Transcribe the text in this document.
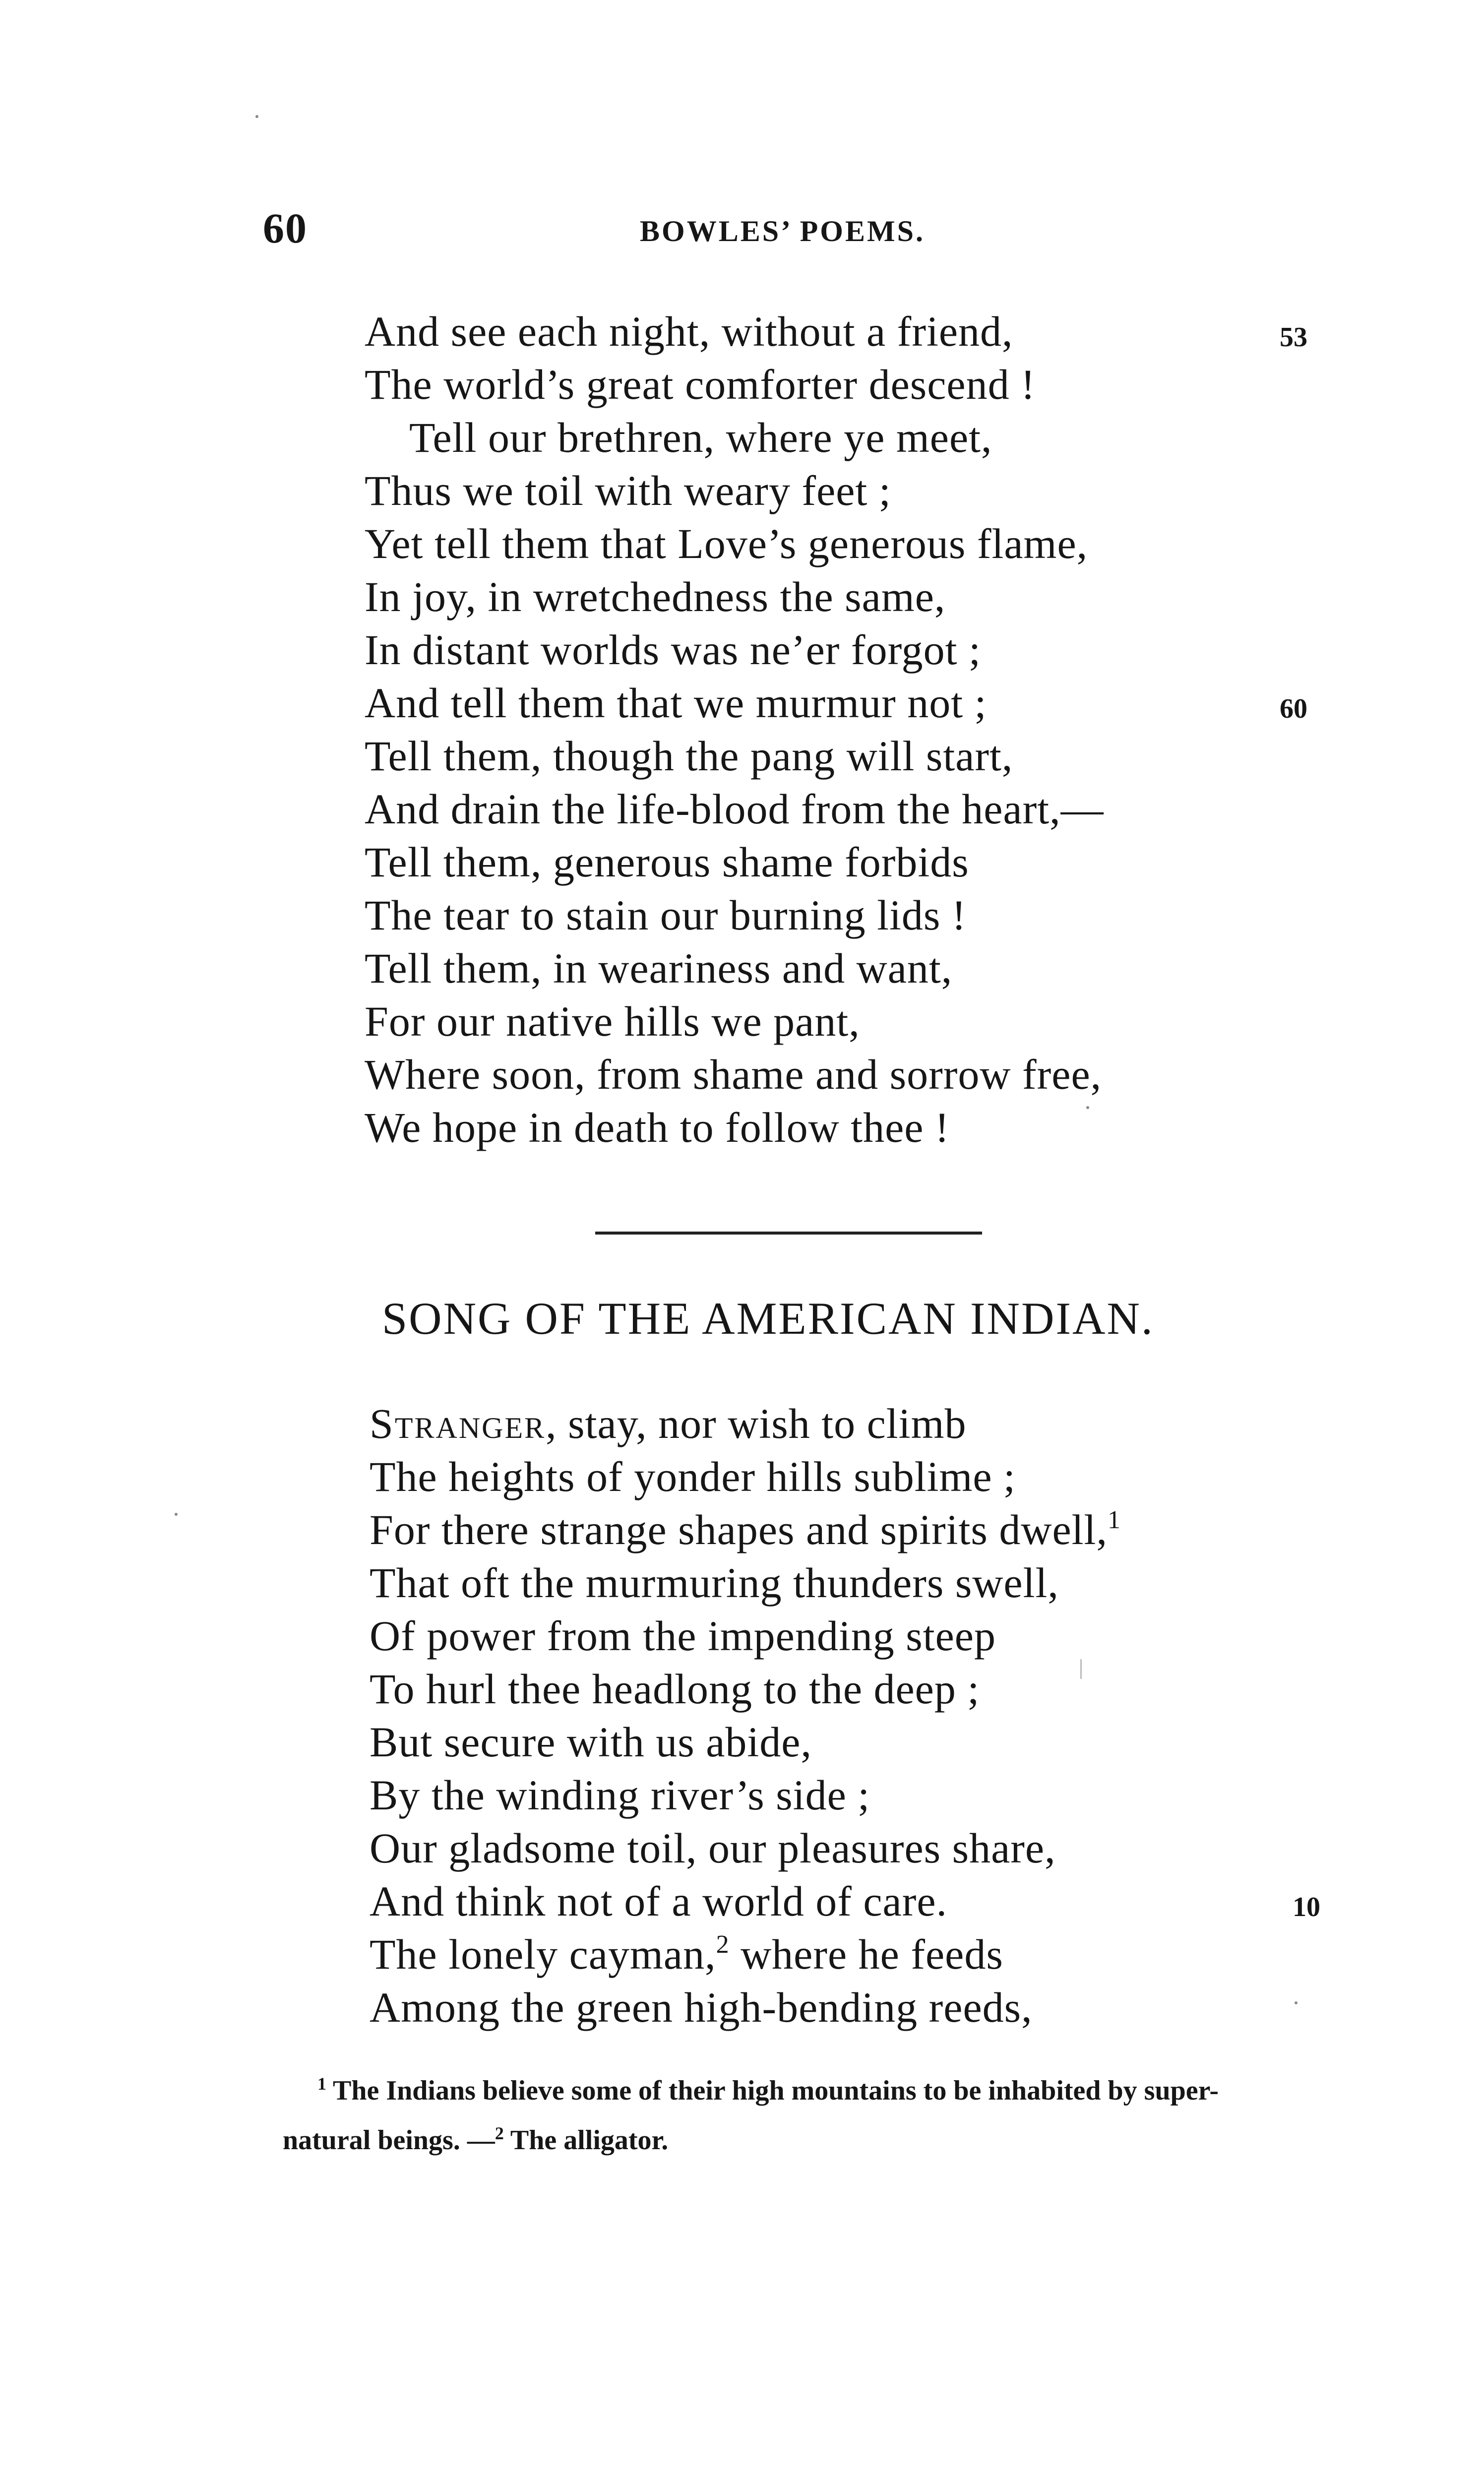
60	BOWLES’ POEMS.
And see each night, without a friend,	53
The world’s great comforter descend !
Tell our brethren, where ye meet,
Thus we toil with weary feet ;
Yet tell them that Love’s generous flame,
In joy, in wretchedness the same,
In distant worlds was ne’er forgot ;
And tell them that we murmur not ;	60
Tell them, though the pang will start,
And drain the life-blood from the heart,—
Tell them, generous shame forbids
The tear to stain our burning lids !
Tell them, in weariness and want,
For our native hills we pant,
Where soon, from shame and sorrow free,
We hope in death to follow thee !
SONG OF THE AMERICAN INDIAN.
Stranger, stay, nor wish to climb
The heights of yonder hills sublime ;
For there strange shapes and spirits dwell,$^1$
That oft the murmuring thunders swell,
Of power from the impending steep
To hurl thee headlong to the deep ;
But secure with us abide,
By the winding river’s side ;
Our gladsome toil, our pleasures share,
And think not of a world of care.	10
The lonely cayman,$^2$ where he feeds
Among the green high-bending reeds,
$^1$ The Indians believe some of their high mountains to be inhabited by super-
natural beings. —$^2$ The alligator.
